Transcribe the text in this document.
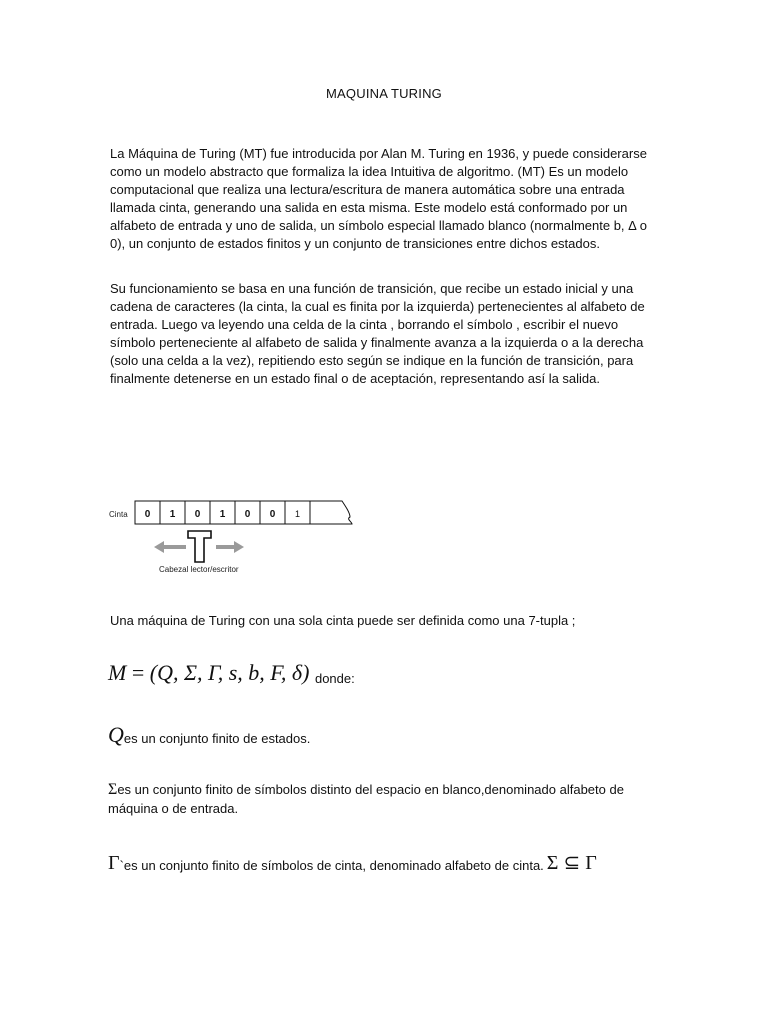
MAQUINA TURING

La Máquina de Turing (MT) fue introducida por Alan M. Turing en 1936, y puede considerarse como un modelo abstracto que formaliza la idea Intuitiva de algoritmo. (MT) Es un modelo computacional que realiza una lectura/escritura de manera automática sobre una entrada llamada cinta, generando una salida en esta misma. Este modelo está conformado por un alfabeto de entrada y uno de salida, un símbolo especial llamado blanco (normalmente b, Δ o 0), un conjunto de estados finitos y un conjunto de transiciones entre dichos estados.

Su funcionamiento se basa en una función de transición, que recibe un estado inicial y una cadena de caracteres (la cinta, la cual es finita por la izquierda) pertenecientes al alfabeto de entrada. Luego va leyendo una celda de la cinta , borrando el símbolo , escribir el nuevo símbolo perteneciente al alfabeto de salida y finalmente avanza a la izquierda o a la derecha (solo una celda a la vez), repitiendo esto según se indique en la función de transición, para finalmente detenerse en un estado final o de aceptación, representando así la salida.

Cinta 0 1 0 1 0 0 1
Cabezal lector/escritor
Una máquina de Turing con una sola cinta puede ser definida como una 7-tupla ;
M = (Q, Σ, Γ, s, b, F, δ) donde:
Qes un conjunto finito de estados.
Σes un conjunto finito de símbolos distinto del espacio en blanco,denominado alfabeto de máquina o de entrada.
Γ`es un conjunto finito de símbolos de cinta, denominado alfabeto de cinta. Σ ⊆ Γ
